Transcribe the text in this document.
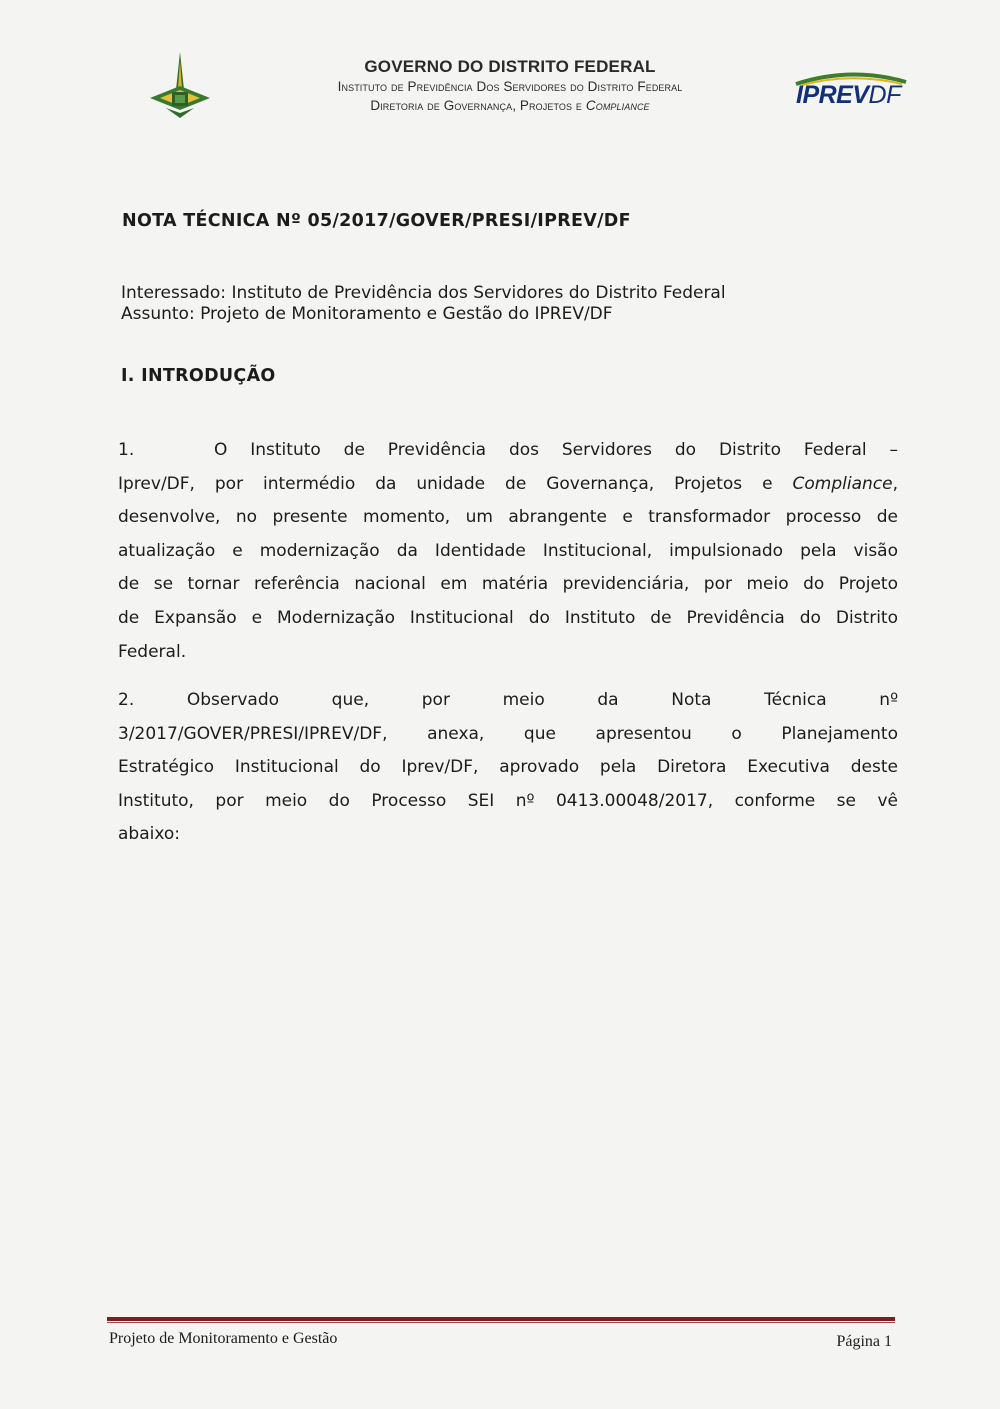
GOVERNO DO DISTRITO FEDERAL
Instituto de Previdência Dos Servidores do Distrito Federal
Diretoria de Governança, Projetos e Compliance	IPREVDF
NOTA TÉCNICA Nº 05/2017/GOVER/PRESI/IPREV/DF
Interessado: Instituto de Previdência dos Servidores do Distrito Federal
Assunto: Projeto de Monitoramento e Gestão do IPREV/DF
I. INTRODUÇÃO
1.	O Instituto de Previdência dos Servidores do Distrito Federal –
Iprev/DF, por intermédio da unidade de Governança, Projetos e Compliance,
desenvolve, no presente momento, um abrangente e transformador processo de
atualização e modernização da Identidade Institucional, impulsionado pela visão
de se tornar referência nacional em matéria previdenciária, por meio do Projeto
de Expansão e Modernização Institucional do Instituto de Previdência do Distrito
Federal.
2.	Observado	que,	por	meio	da	Nota	Técnica	nº
3/2017/GOVER/PRESI/IPREV/DF, anexa, que apresentou o Planejamento
Estratégico Institucional do Iprev/DF, aprovado pela Diretora Executiva deste
Instituto, por meio do Processo SEI nº 0413.00048/2017, conforme se vê
abaixo:
Projeto de Monitoramento e Gestão	Página 1
